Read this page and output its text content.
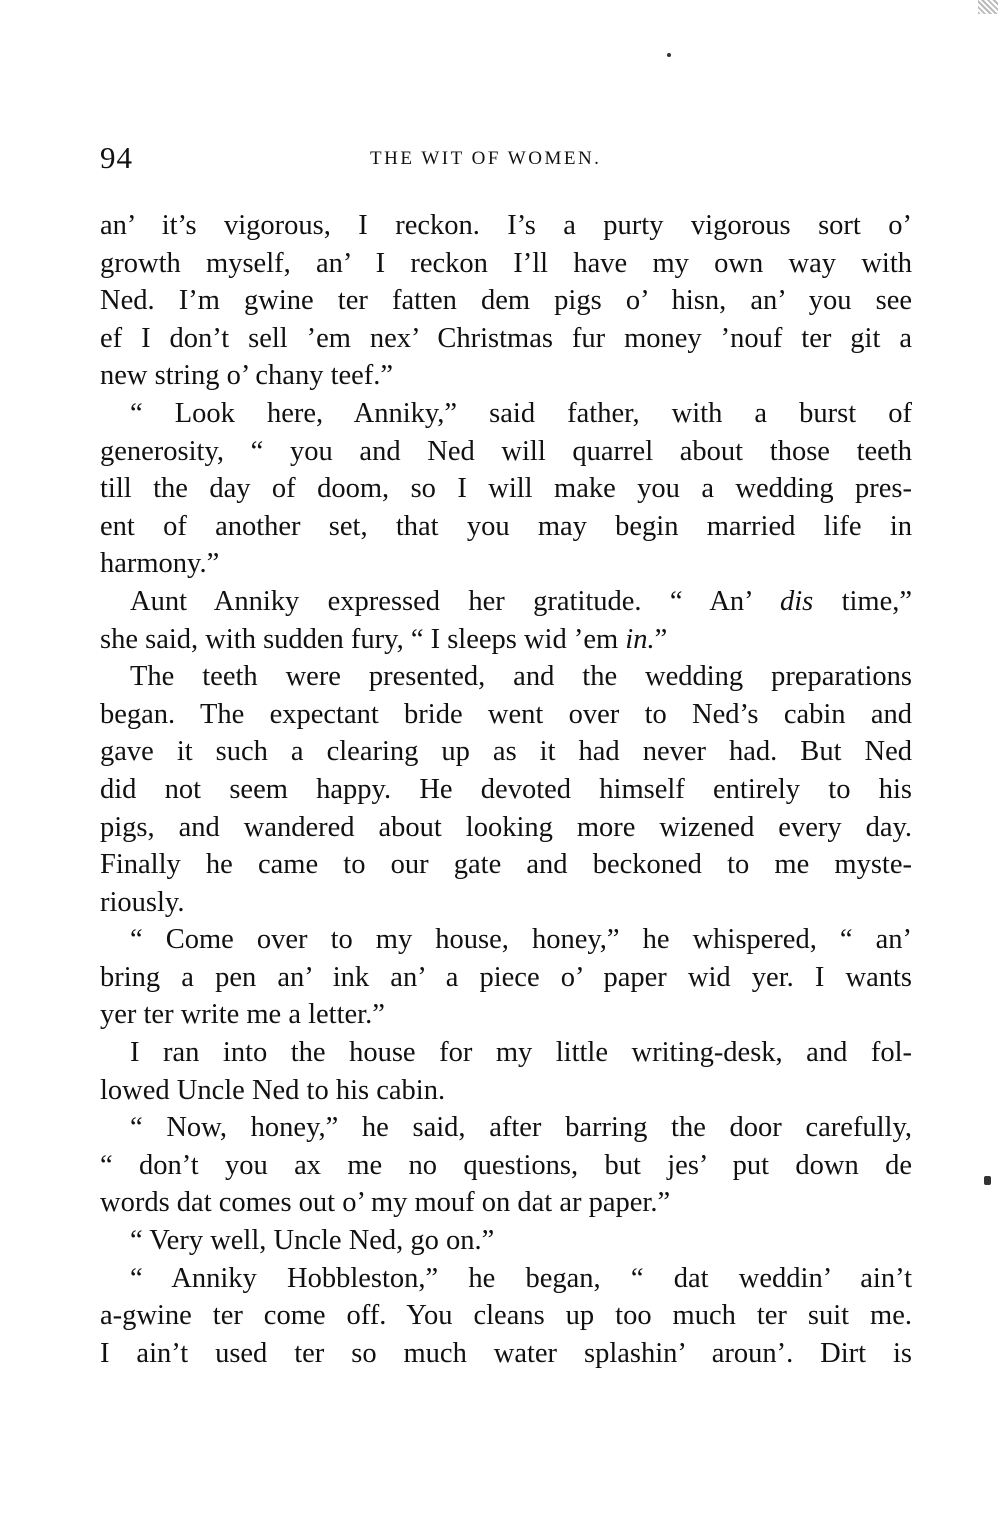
94	THE WIT OF WOMEN.
an’ it’s vigorous, I reckon. I’s a purty vigorous sort o’
growth myself, an’ I reckon I’ll have my own way with
Ned. I’m gwine ter fatten dem pigs o’ hisn, an’ you see
ef I don’t sell ’em nex’ Christmas fur money ’nouf ter git a
new string o’ chany teef.”
“ Look here, Anniky,” said father, with a burst of
generosity, “ you and Ned will quarrel about those teeth
till the day of doom, so I will make you a wedding pres-
ent of another set, that you may begin married life in
harmony.”
Aunt Anniky expressed her gratitude. “ An’ dis time,”
she said, with sudden fury, “ I sleeps wid ’em in.”
The teeth were presented, and the wedding preparations
began. The expectant bride went over to Ned’s cabin and
gave it such a clearing up as it had never had. But Ned
did not seem happy. He devoted himself entirely to his
pigs, and wandered about looking more wizened every day.
Finally he came to our gate and beckoned to me myste-
riously.
“ Come over to my house, honey,” he whispered, “ an’
bring a pen an’ ink an’ a piece o’ paper wid yer. I wants
yer ter write me a letter.”
I ran into the house for my little writing-desk, and fol-
lowed Uncle Ned to his cabin.
“ Now, honey,” he said, after barring the door carefully,
“ don’t you ax me no questions, but jes’ put down de
words dat comes out o’ my mouf on dat ar paper.”
“ Very well, Uncle Ned, go on.”
“ Anniky Hobbleston,” he began, “ dat weddin’ ain’t
a-gwine ter come off. You cleans up too much ter suit me.
I ain’t used ter so much water splashin’ aroun’. Dirt is
